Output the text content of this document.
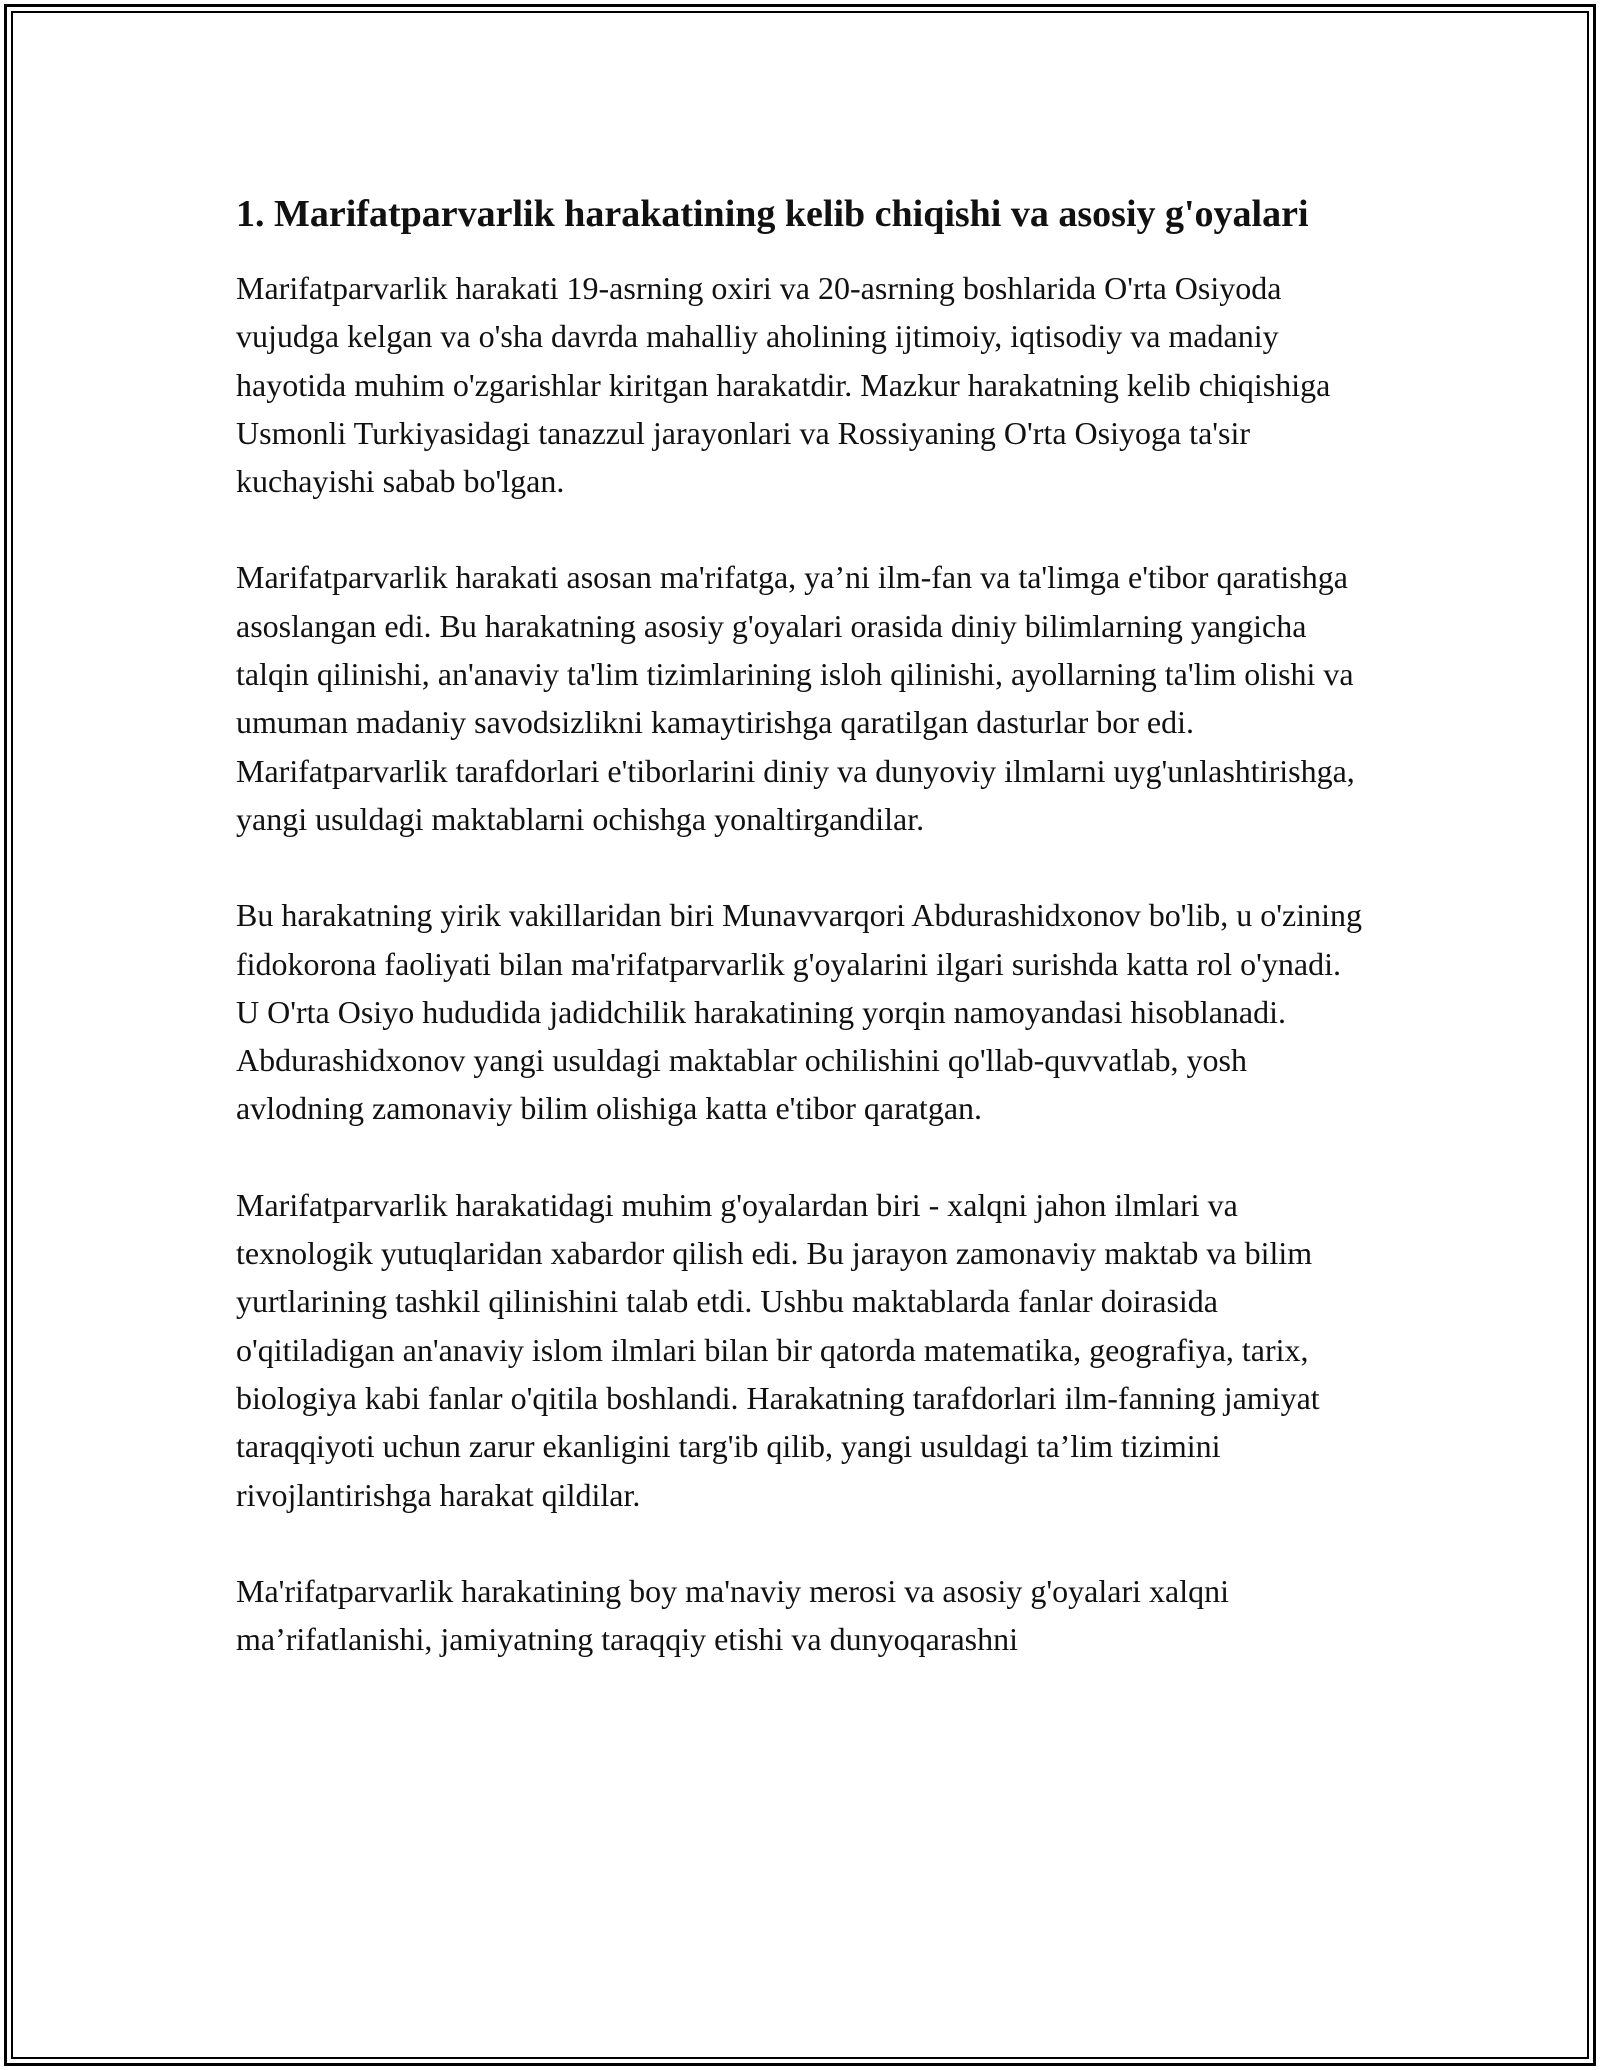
1. Marifatparvarlik harakatining kelib chiqishi va asosiy g'oyalari

Marifatparvarlik harakati 19-asrning oxiri va 20-asrning boshlarida O'rta Osiyoda vujudga kelgan va o'sha davrda mahalliy aholining ijtimoiy, iqtisodiy va madaniy hayotida muhim o'zgarishlar kiritgan harakatdir. Mazkur harakatning kelib chiqishiga Usmonli Turkiyasidagi tanazzul jarayonlari va Rossiyaning O'rta Osiyoga ta'sir kuchayishi sabab bo'lgan.

Marifatparvarlik harakati asosan ma'rifatga, ya’ni ilm-fan va ta'limga e'tibor qaratishga asoslangan edi. Bu harakatning asosiy g'oyalari orasida diniy bilimlarning yangicha talqin qilinishi, an'anaviy ta'lim tizimlarining isloh qilinishi, ayollarning ta'lim olishi va umuman madaniy savodsizlikni kamaytirishga qaratilgan dasturlar bor edi. Marifatparvarlik tarafdorlari e'tiborlarini diniy va dunyoviy ilmlarni uyg'unlashtirishga, yangi usuldagi maktablarni ochishga yonaltirgandilar.

Bu harakatning yirik vakillaridan biri Munavvarqori Abdurashidxonov bo'lib, u o'zining fidokorona faoliyati bilan ma'rifatparvarlik g'oyalarini ilgari surishda katta rol o'ynadi. U O'rta Osiyo hududida jadidchilik harakatining yorqin namoyandasi hisoblanadi. Abdurashidxonov yangi usuldagi maktablar ochilishini qo'llab-quvvatlab, yosh avlodning zamonaviy bilim olishiga katta e'tibor qaratgan.

Marifatparvarlik harakatidagi muhim g'oyalardan biri - xalqni jahon ilmlari va texnologik yutuqlaridan xabardor qilish edi. Bu jarayon zamonaviy maktab va bilim yurtlarining tashkil qilinishini talab etdi. Ushbu maktablarda fanlar doirasida o'qitiladigan an'anaviy islom ilmlari bilan bir qatorda matematika, geografiya, tarix, biologiya kabi fanlar o'qitila boshlandi. Harakatning tarafdorlari ilm-fanning jamiyat taraqqiyoti uchun zarur ekanligini targ'ib qilib, yangi usuldagi ta’lim tizimini rivojlantirishga harakat qildilar.

Ma'rifatparvarlik harakatining boy ma'naviy merosi va asosiy g'oyalari xalqni ma’rifatlanishi, jamiyatning taraqqiy etishi va dunyoqarashni
